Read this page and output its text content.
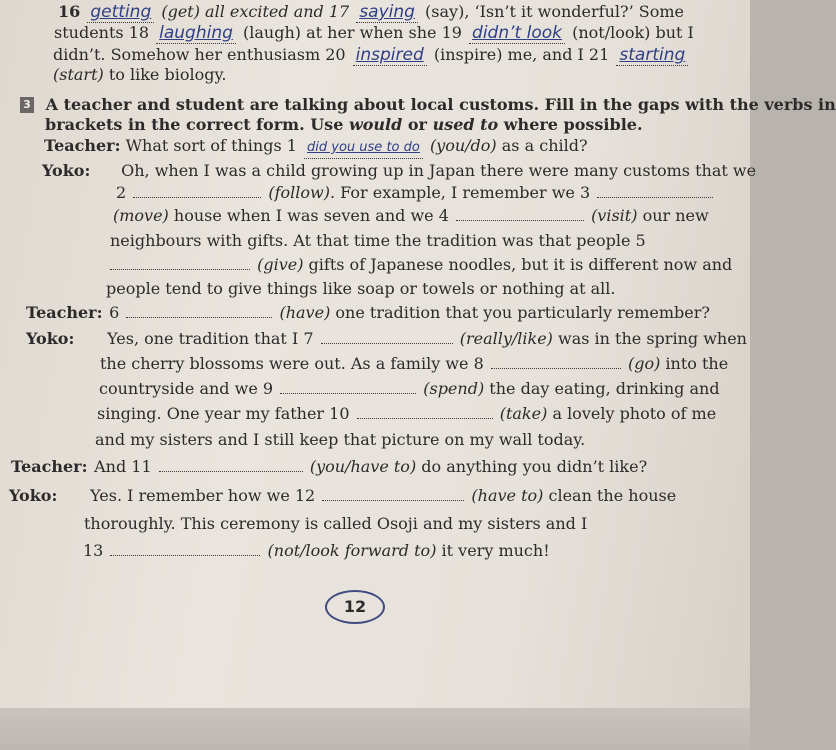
16 getting (get) all excited and 17 saying (say), ‘Isn’t it wonderful?’ Some
students 18 laughing (laugh) at her when she 19 didn’t look (not/look) but I
didn’t. Somehow her enthusiasm 20 inspired (inspire) me, and I 21 starting
(start) to like biology.
3 A teacher and student are talking about local customs. Fill in the gaps with the verbs in
brackets in the correct form. Use would or used to where possible.
Teacher: What sort of things 1 did you use to do (you/do) as a child?
Yoko: Oh, when I was a child growing up in Japan there were many customs that we
2	(follow). For example, I remember we 3
(move) house when I was seven and we 4	(visit) our new
neighbours with gifts. At that time the tradition was that people 5
(give) gifts of Japanese noodles, but it is different now and
people tend to give things like soap or towels or nothing at all.
Teacher: 6	(have) one tradition that you particularly remember?
Yoko: Yes, one tradition that I 7	(really/like) was in the spring when
the cherry blossoms were out. As a family we 8	(go) into the
countryside and we 9	(spend) the day eating, drinking and
singing. One year my father 10	(take) a lovely photo of me
and my sisters and I still keep that picture on my wall today.
Teacher: And 11	(you/have to) do anything you didn’t like?
Yoko: Yes. I remember how we 12	(have to) clean the house
thoroughly. This ceremony is called Osoji and my sisters and I
13	(not/look forward to) it very much!
12
